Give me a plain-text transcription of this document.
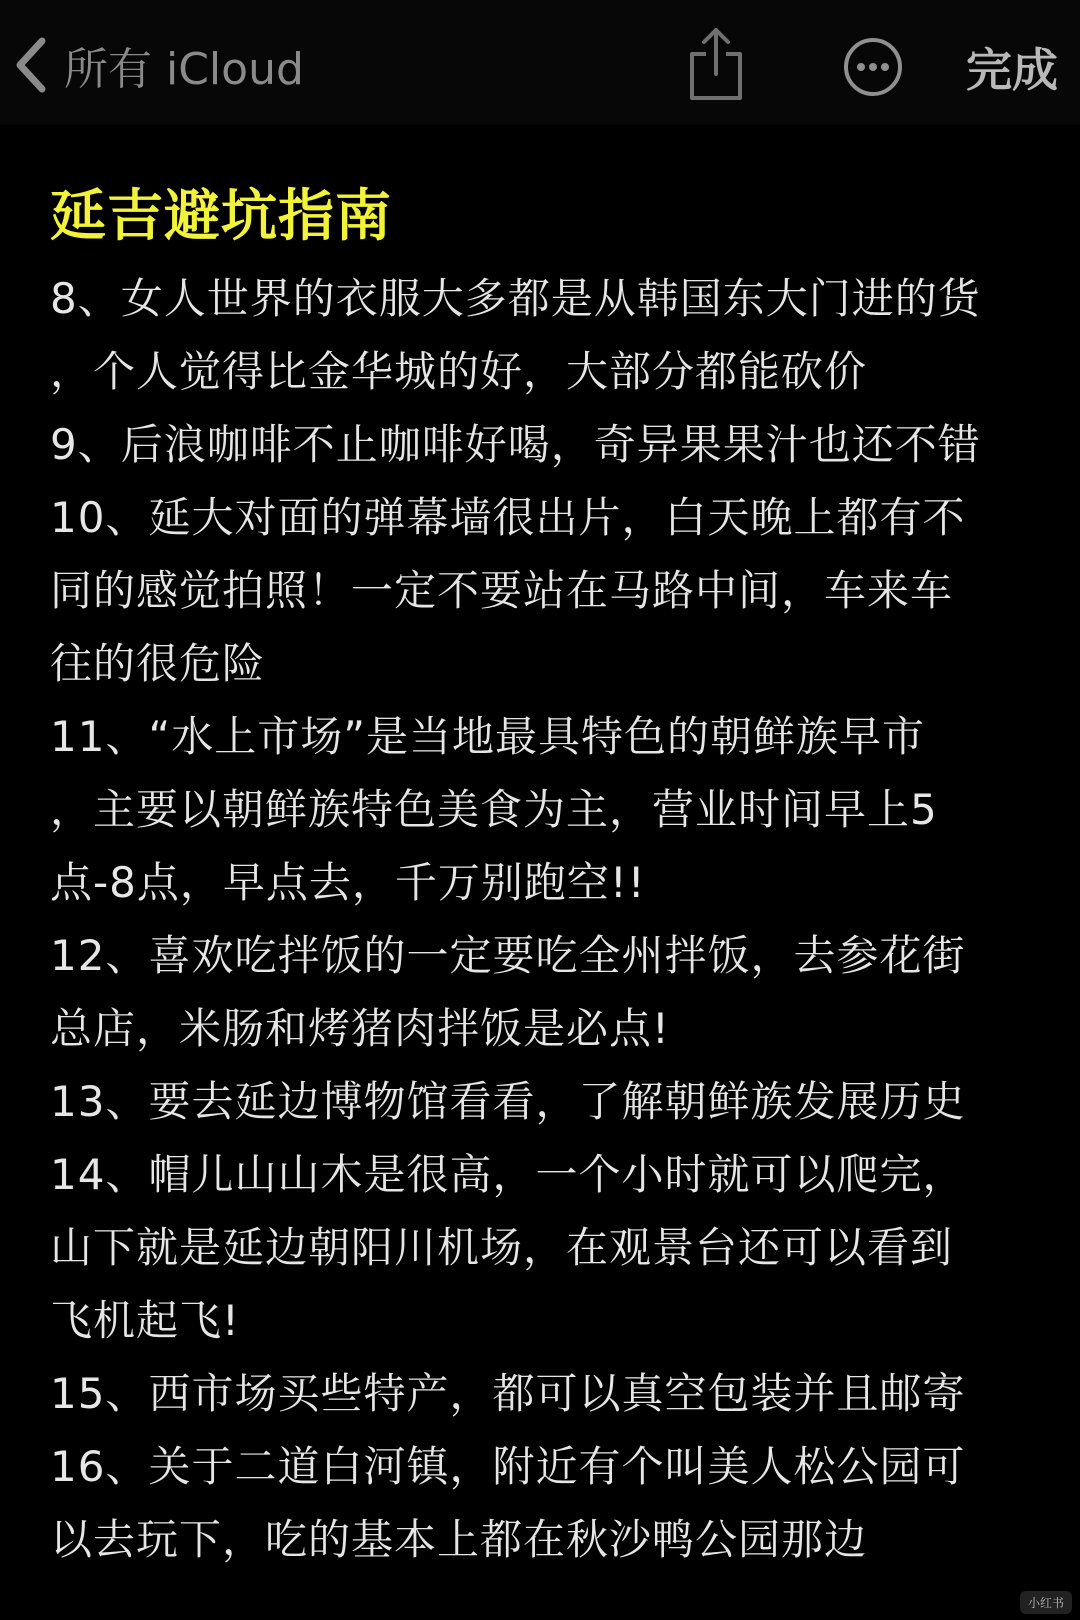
所有 iCloud	完成
延吉避坑指南
8、女人世界的衣服大多都是从韩国东大门进的货
，个人觉得比金华城的好，大部分都能砍价
9、后浪咖啡不止咖啡好喝，奇异果果汁也还不错
10、延大对面的弹幕墙很出片，白天晚上都有不
同的感觉拍照！一定不要站在马路中间，车来车
往的很危险
11、“水上市场”是当地最具特色的朝鲜族早市
，主要以朝鲜族特色美食为主，营业时间早上5
点-8点，早点去，千万别跑空!!
12、喜欢吃拌饭的一定要吃全州拌饭，去参花街
总店，米肠和烤猪肉拌饭是必点!
13、要去延边博物馆看看，了解朝鲜族发展历史
14、帽儿山山木是很高，一个小时就可以爬完，
山下就是延边朝阳川机场，在观景台还可以看到
飞机起飞!
15、西市场买些特产，都可以真空包装并且邮寄
16、关于二道白河镇，附近有个叫美人松公园可
以去玩下，吃的基本上都在秋沙鸭公园那边
小红书
